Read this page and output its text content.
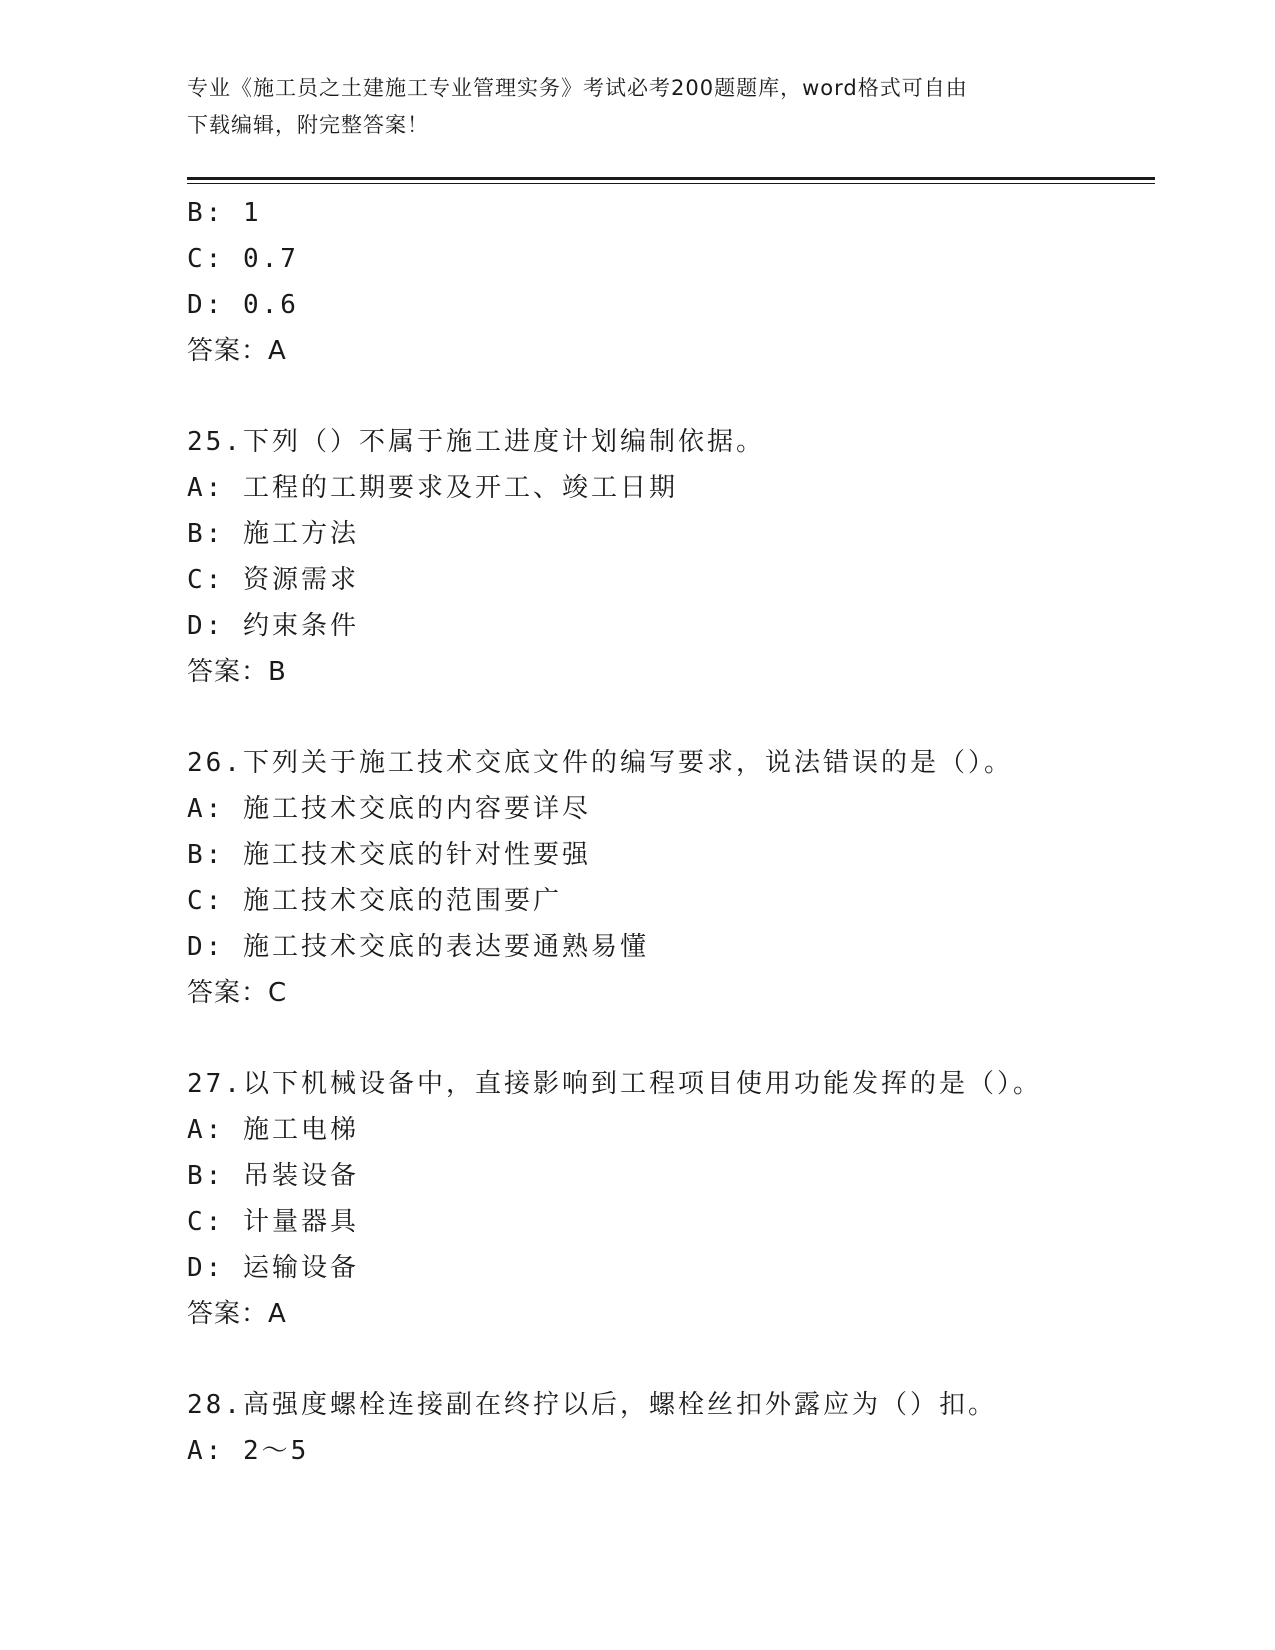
专业《施工员之土建施工专业管理实务》考试必考200题题库，word格式可自由
下载编辑，附完整答案！
B: 1
C: 0.7
D: 0.6
答案：A
25.下列（）不属于施工进度计划编制依据。
A: 工程的工期要求及开工、竣工日期
B: 施工方法
C: 资源需求
D: 约束条件
答案：B
26.下列关于施工技术交底文件的编写要求，说法错误的是（）。
A: 施工技术交底的内容要详尽
B: 施工技术交底的针对性要强
C: 施工技术交底的范围要广
D: 施工技术交底的表达要通熟易懂
答案：C
27.以下机械设备中，直接影响到工程项目使用功能发挥的是（）。
A: 施工电梯
B: 吊装设备
C: 计量器具
D: 运输设备
答案：A
28.高强度螺栓连接副在终拧以后，螺栓丝扣外露应为（）扣。
A: 2～5
